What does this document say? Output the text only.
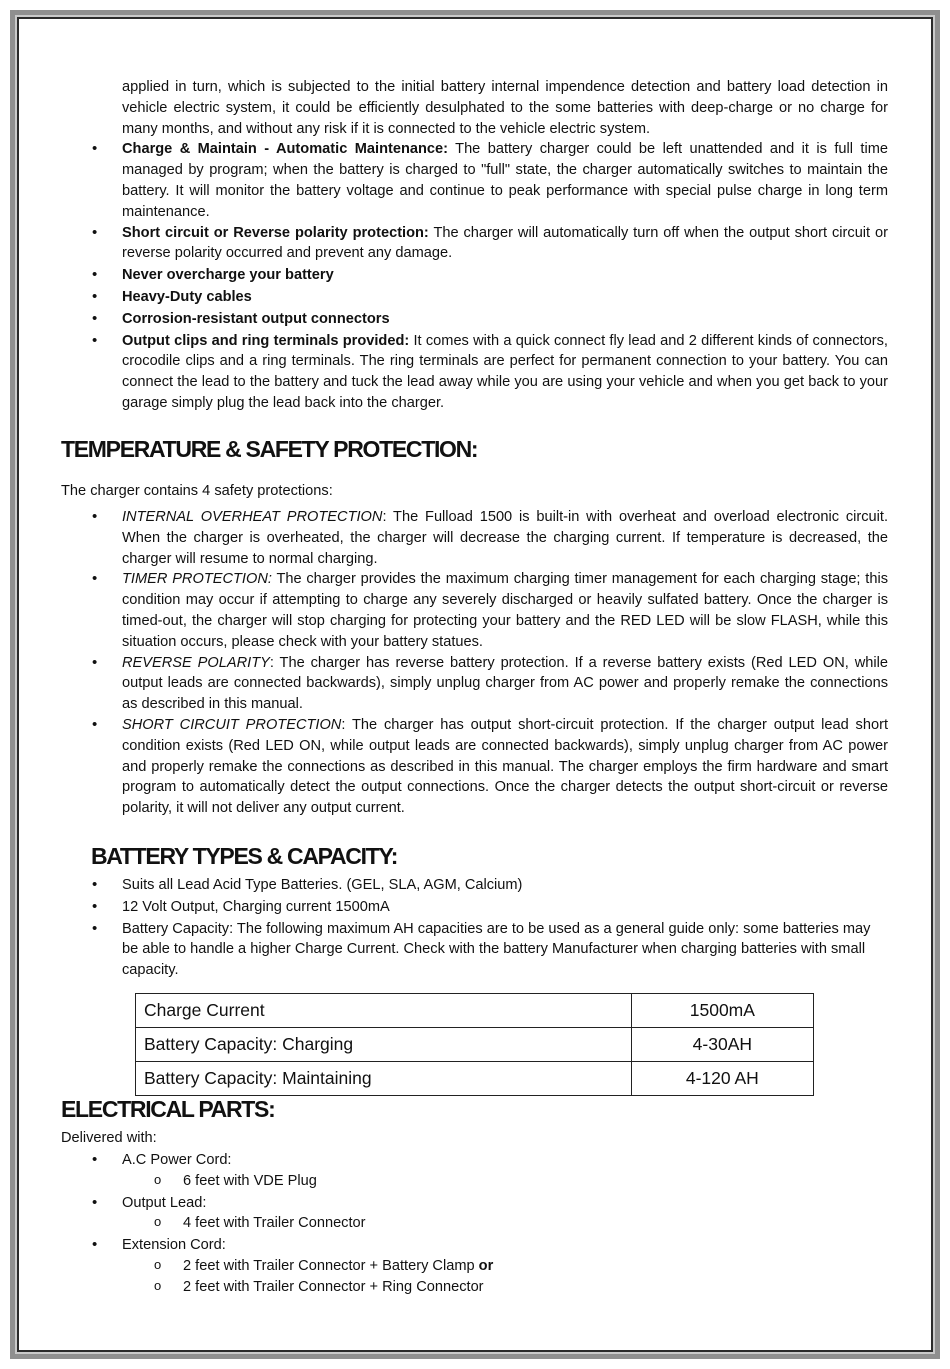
applied in turn, which is subjected to the initial battery internal impendence detection and battery load detection in vehicle electric system, it could be efficiently desulphated to the some batteries with deep-charge or no charge for many months, and without any risk if it is connected to the vehicle electric system.
• Charge & Maintain - Automatic Maintenance: The battery charger could be left unattended and it is full time managed by program; when the battery is charged to "full" state, the charger automatically switches to maintain the battery. It will monitor the battery voltage and continue to peak performance with special pulse charge in long term maintenance.
• Short circuit or Reverse polarity protection: The charger will automatically turn off when the output short circuit or reverse polarity occurred and prevent any damage.
• Never overcharge your battery
• Heavy-Duty cables
• Corrosion-resistant output connectors
• Output clips and ring terminals provided: It comes with a quick connect fly lead and 2 different kinds of connectors, crocodile clips and a ring terminals. The ring terminals are perfect for permanent connection to your battery. You can connect the lead to the battery and tuck the lead away while you are using your vehicle and when you get back to your garage simply plug the lead back into the charger.
TEMPERATURE & SAFETY PROTECTION:
The charger contains 4 safety protections:
• INTERNAL OVERHEAT PROTECTION: The Fulload 1500 is built-in with overheat and overload electronic circuit. When the charger is overheated, the charger will decrease the charging current. If temperature is decreased, the charger will resume to normal charging.
• TIMER PROTECTION: The charger provides the maximum charging timer management for each charging stage; this condition may occur if attempting to charge any severely discharged or heavily sulfated battery. Once the charger is timed-out, the charger will stop charging for protecting your battery and the RED LED will be slow FLASH, while this situation occurs, please check with your battery statues.
• REVERSE POLARITY: The charger has reverse battery protection. If a reverse battery exists (Red LED ON, while output leads are connected backwards), simply unplug charger from AC power and properly remake the connections as described in this manual.
• SHORT CIRCUIT PROTECTION: The charger has output short-circuit protection. If the charger output lead short condition exists (Red LED ON, while output leads are connected backwards), simply unplug charger from AC power and properly remake the connections as described in this manual. The charger employs the firm hardware and smart program to automatically detect the output connections. Once the charger detects the output short-circuit or reverse polarity, it will not deliver any output current.
BATTERY TYPES & CAPACITY:
• Suits all Lead Acid Type Batteries. (GEL, SLA, AGM, Calcium)
• 12 Volt Output, Charging current 1500mA
• Battery Capacity: The following maximum AH capacities are to be used as a general guide only: some batteries may be able to handle a higher Charge Current. Check with the battery Manufacturer when charging batteries with small capacity.
Charge Current	1500mA
Battery Capacity: Charging	4-30AH
Battery Capacity: Maintaining	4-120 AH
ELECTRICAL PARTS:
Delivered with:
• A.C Power Cord:
o 6 feet with VDE Plug
• Output Lead:
o 4 feet with Trailer Connector
• Extension Cord:
o 2 feet with Trailer Connector + Battery Clamp or
o 2 feet with Trailer Connector + Ring Connector
